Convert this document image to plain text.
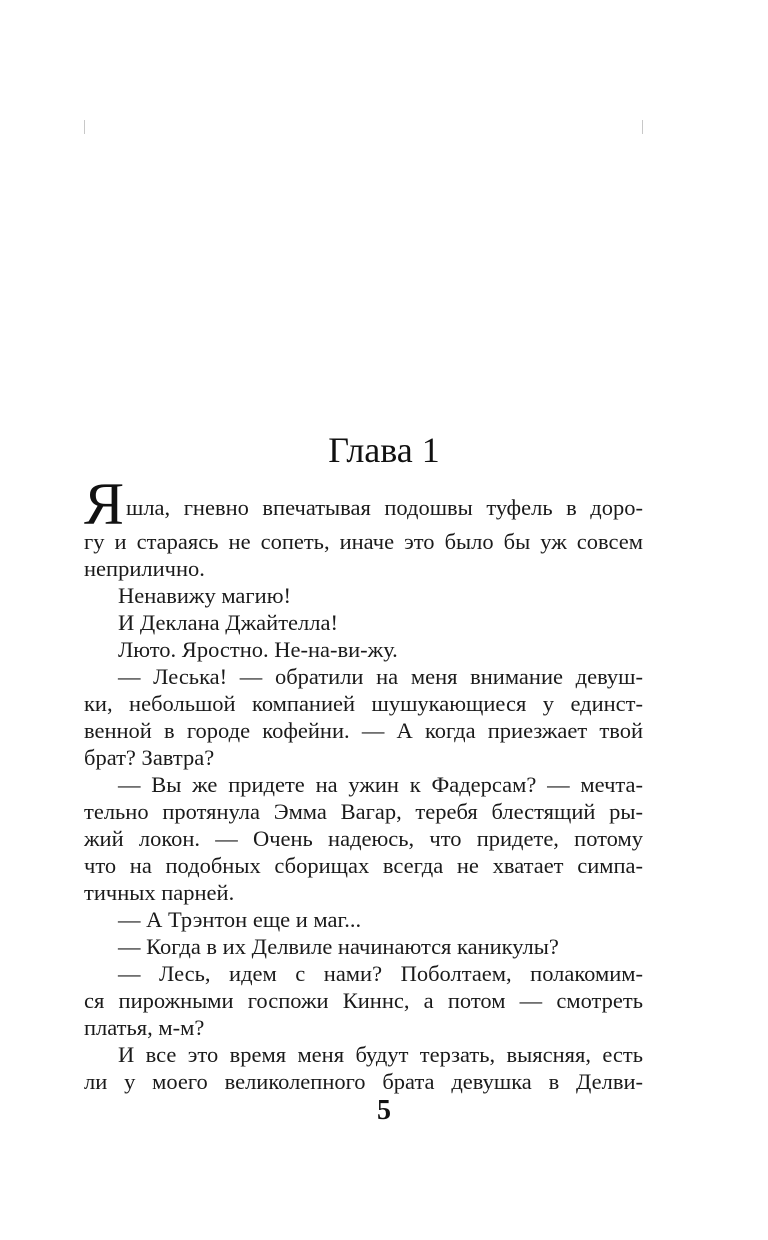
Глава 1
Я шла, гневно впечатывая подошвы туфель в доро-
гу и стараясь не сопеть, иначе это было бы уж совсем
неприлично.
Ненавижу магию!
И Деклана Джайтелла!
Люто. Яростно. Не-на-ви-жу.
— Леська! — обратили на меня внимание девуш-
ки, небольшой компанией шушукающиеся у единст-
венной в городе кофейни. — А когда приезжает твой
брат? Завтра?
— Вы же придете на ужин к Фадерсам? — мечта-
тельно протянула Эмма Вагар, теребя блестящий ры-
жий локон. — Очень надеюсь, что придете, потому
что на подобных сборищах всегда не хватает симпа-
тичных парней.
— А Трэнтон еще и маг...
— Когда в их Делвиле начинаются каникулы?
— Лесь, идем с нами? Поболтаем, полакомим-
ся пирожными госпожи Киннс, а потом — смотреть
платья, м-м?
И все это время меня будут терзать, выясняя, есть
ли у моего великолепного брата девушка в Делви-
5
